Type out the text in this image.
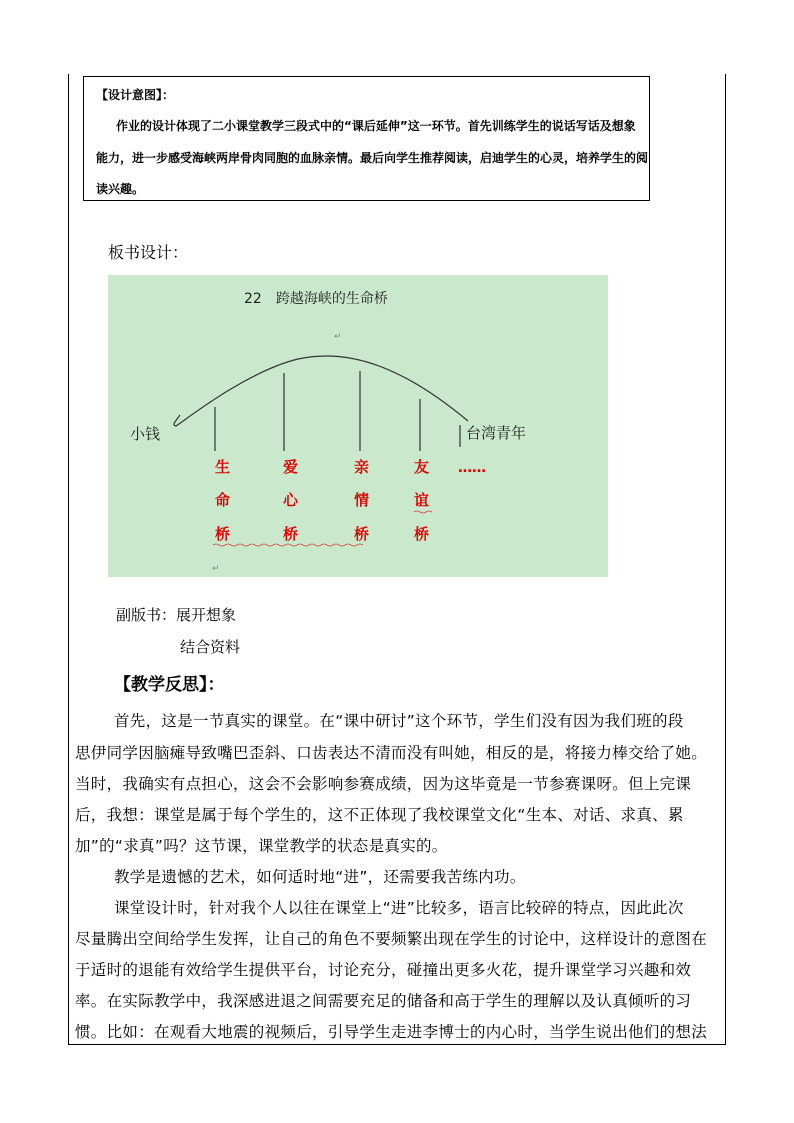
【设计意图】：
作业的设计体现了二小课堂教学三段式中的“课后延伸”这一环节。首先训练学生的说话写话及想象
能力，进一步感受海峡两岸骨肉同胞的血脉亲情。最后向学生推荐阅读，启迪学生的心灵，培养学生的阅
读兴趣。
板书设计：
22　跨越海峡的生命桥
↵
小钱	台湾青年
生
命
桥
爱
心
桥
亲
情
桥
友
谊
桥
……
↵
副版书：展开想象
结合资料
【教学反思】：
首先，这是一节真实的课堂。在“课中研讨”这个环节，学生们没有因为我们班的段
思伊同学因脑瘫导致嘴巴歪斜、口齿表达不清而没有叫她，相反的是，将接力棒交给了她。
当时，我确实有点担心，这会不会影响参赛成绩，因为这毕竟是一节参赛课呀。但上完课
后，我想：课堂是属于每个学生的，这不正体现了我校课堂文化“生本、对话、求真、累
加”的“求真”吗？这节课，课堂教学的状态是真实的。
教学是遗憾的艺术，如何适时地“进”，还需要我苦练内功。
课堂设计时，针对我个人以往在课堂上“进”比较多，语言比较碎的特点，因此此次
尽量腾出空间给学生发挥，让自己的角色不要频繁出现在学生的讨论中，这样设计的意图在
于适时的退能有效给学生提供平台，讨论充分，碰撞出更多火花，提升课堂学习兴趣和效
率。在实际教学中，我深感进退之间需要充足的储备和高于学生的理解以及认真倾听的习
惯。比如：在观看大地震的视频后，引导学生走进李博士的内心时，当学生说出他们的想法
